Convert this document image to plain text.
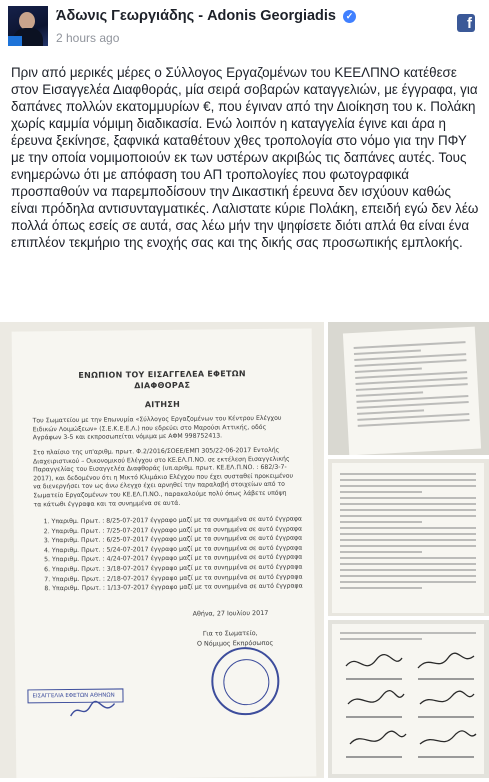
Άδωνις Γεωργιάδης - Adonis Georgiadis ✓
2 hours ago
f

Πριν από μερικές μέρες ο Σύλλογος Εργαζομένων του ΚΕΕΛΠΝΟ κατέθεσε στον Εισαγγελέα Διαφθοράς, μία σειρά σοβαρών καταγγελιών, με έγγραφα, για δαπάνες πολλών εκατομμυρίων €, που έγιναν από την Διοίκηση του κ. Πολάκη χωρίς καμμία νόμιμη διαδικασία. Ενώ λοιπόν η καταγγελία έγινε και άρα η έρευνα ξεκίνησε, ξαφνικά καταθέτουν χθες τροπολογία στο νόμο για την ΠΦΥ με την οποία νομιμοποιούν εκ των υστέρων ακριβώς τις δαπάνες αυτές. Τους ενημερώνω ότι με απόφαση του ΑΠ τροπολογίες που φωτογραφικά προσπαθούν να παρεμποδίσουν την Δικαστική έρευνα δεν ισχύουν καθώς είναι πρόδηλα αντισυνταγματικές. Λαλιστατε κύριε Πολάκη, επειδή εγώ δεν λέω πολλά όπως εσείς σε αυτά, σας λέω μήν την ψηφίσετε διότι απλά θα είναι ένα επιπλέον τεκμήριο της ενοχής σας και της δικής σας προσωπικής εμπλοκής.

ΕΝΩΠΙΟΝ ΤΟΥ ΕΙΣΑΓΓΕΛΕΑ ΕΦΕΤΩΝ
ΔΙΑΦΘΟΡΑΣ
ΑΙΤΗΣΗ

Του Σωματείου με την Επωνυμία «Σύλλογος Εργαζομένων του Κέντρου Ελέγχου Ειδικών Λοιμώξεων» (Σ.Ε.Κ.Ε.Ε.Λ.) που εδρεύει στο Μαρούσι Αττικής, οδός Αγράφων 3-5 και εκπροσωπείται νόμιμα με ΑΦΜ 998752413.

Στο πλαίσιο της υπ'αριθμ. πρωτ. Φ.2/2016/ΣΟΕΕ/ΕΜΠ 305/22-06-2017 Εντολής Διαχειριστικού – Οικονομικού Ελέγχου στο ΚΕ.ΕΛ.Π.ΝΟ. σε εκτέλεση Εισαγγελικής Παραγγελίας του Εισαγγελέα Διαφθοράς (υπ.αριθμ. πρωτ. ΚΕ.ΕΛ.Π.ΝΟ. : 682/3-7-2017), και δεδομένου ότι η Μικτό Κλιμάκιο Ελέγχου που έχει συσταθεί προκειμένου να διενεργήσει τον ως άνω έλεγχο έχει αρνηθεί την παραλαβή στοιχείων από το Σωματείο Εργαζομένων του ΚΕ.ΕΛ.Π.ΝΟ., παρακαλούμε πολύ όπως λάβετε υπόψη τα κάτωθι έγγραφα και τα συνημμένα σε αυτά.

1. Υπαριθμ. Πρωτ. : 8/25-07-2017 έγγραφο μαζί με τα συνημμένα σε αυτό έγγραφα
2. Υπαριθμ. Πρωτ. : 7/25-07-2017 έγγραφο μαζί με τα συνημμένα σε αυτό έγγραφα
3. Υπαριθμ. Πρωτ. : 6/25-07-2017 έγγραφο μαζί με τα συνημμένα σε αυτό έγγραφα
4. Υπαριθμ. Πρωτ. : 5/24-07-2017 έγγραφο μαζί με τα συνημμένα σε αυτό έγγραφα
5. Υπαριθμ. Πρωτ. : 4/24-07-2017 έγγραφο μαζί με τα συνημμένα σε αυτό έγγραφα
6. Υπαριθμ. Πρωτ. : 3/18-07-2017 έγγραφο μαζί με τα συνημμένα σε αυτό έγγραφα
7. Υπαριθμ. Πρωτ. : 2/18-07-2017 έγγραφο μαζί με τα συνημμένα σε αυτό έγγραφα
8. Υπαριθμ. Πρωτ. : 1/13-07-2017 έγγραφο μαζί με τα συνημμένα σε αυτό έγγραφα
Αθήνα, 27 Ιουλίου 2017
Για το Σωματείο,
Ο Νόμιμος Εκπρόσωπος
ΕΙΣΑΓΓΕΛΙΑ ΕΦΕΤΩΝ ΑΘΗΝΩΝ
